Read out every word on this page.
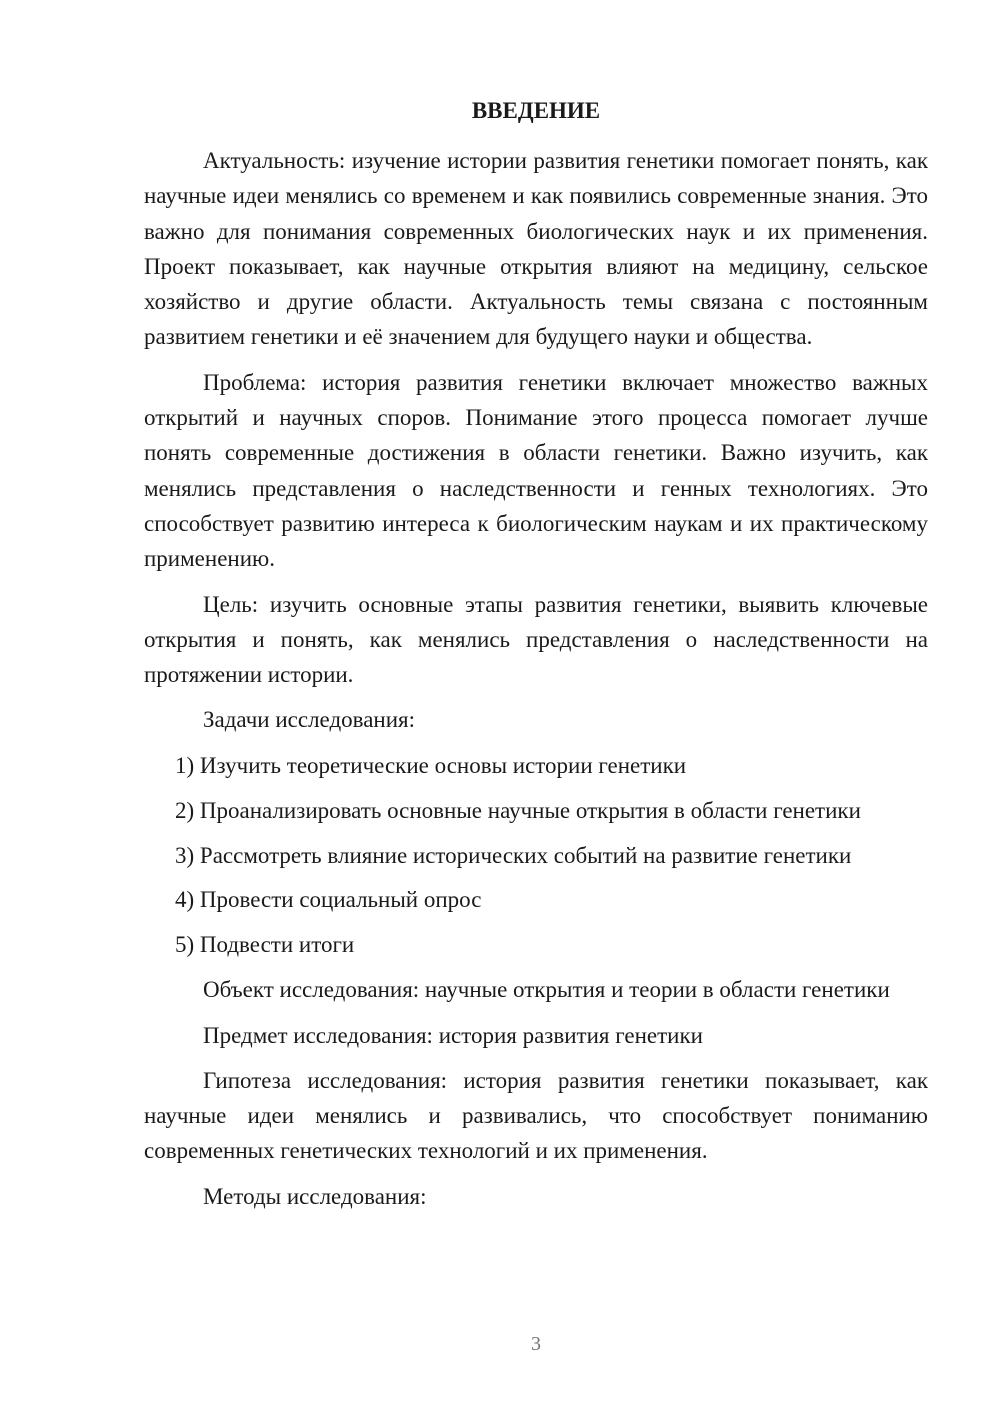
ВВЕДЕНИЕ

Актуальность: изучение истории развития генетики помогает понять, как научные идеи менялись со временем и как появились современные знания. Это важно для понимания современных биологических наук и их применения. Проект показывает, как научные открытия влияют на медицину, сельское хозяйство и другие области. Актуальность темы связана с постоянным развитием генетики и её значением для будущего науки и общества.

Проблема: история развития генетики включает множество важных открытий и научных споров. Понимание этого процесса помогает лучше понять современные достижения в области генетики. Важно изучить, как менялись представления о наследственности и генных технологиях. Это способствует развитию интереса к биологическим наукам и их практическому применению.

Цель: изучить основные этапы развития генетики, выявить ключевые открытия и понять, как менялись представления о наследственности на протяжении истории.

Задачи исследования:

1) Изучить теоретические основы истории генетики

2) Проанализировать основные научные открытия в области генетики

3) Рассмотреть влияние исторических событий на развитие генетики

4) Провести социальный опрос

5) Подвести итоги

Объект исследования: научные открытия и теории в области генетики

Предмет исследования: история развития генетики

Гипотеза исследования: история развития генетики показывает, как научные идеи менялись и развивались, что способствует пониманию современных генетических технологий и их применения.

Методы исследования:

3
